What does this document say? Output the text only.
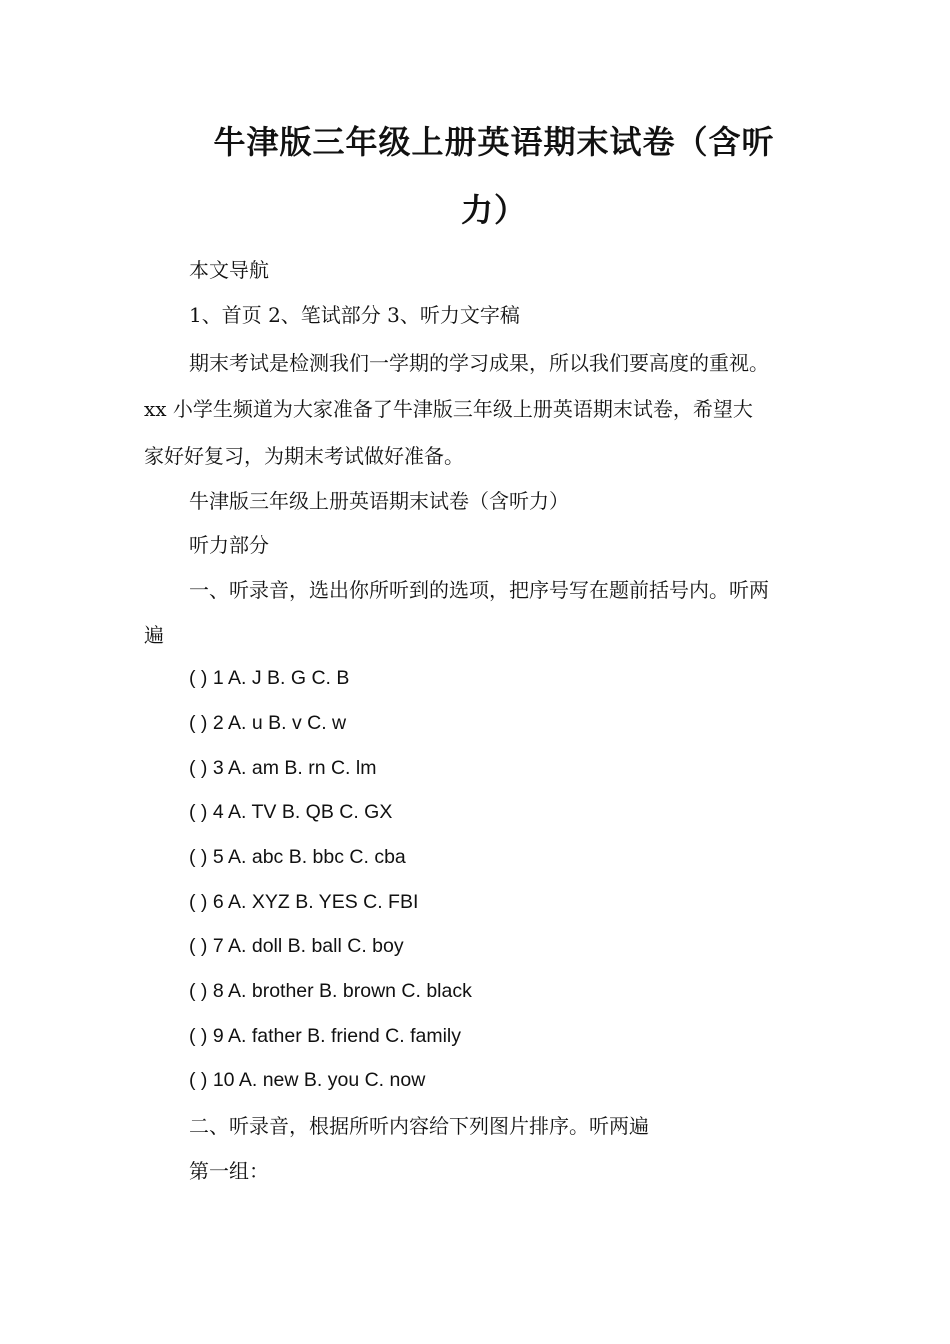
牛津版三年级上册英语期末试卷（含听
力）

本文导航

1、首页 2、笔试部分 3、听力文字稿

期末考试是检测我们一学期的学习成果，所以我们要高度的重视。

xx 小学生频道为大家准备了牛津版三年级上册英语期末试卷，希望大

家好好复习，为期末考试做好准备。

牛津版三年级上册英语期末试卷（含听力）

听力部分

一、听录音，选出你所听到的选项，把序号写在题前括号内。听两

遍

( ) 1 A. J B. G C. B

( ) 2 A. u B. v C. w

( ) 3 A. am B. rn C. lm

( ) 4 A. TV B. QB C. GX

( ) 5 A. abc B. bbc C. cba

( ) 6 A. XYZ B. YES C. FBI

( ) 7 A. doll B. ball C. boy

( ) 8 A. brother B. brown C. black

( ) 9 A. father B. friend C. family

( ) 10 A. new B. you C. now

二、听录音，根据所听内容给下列图片排序。听两遍

第一组：
